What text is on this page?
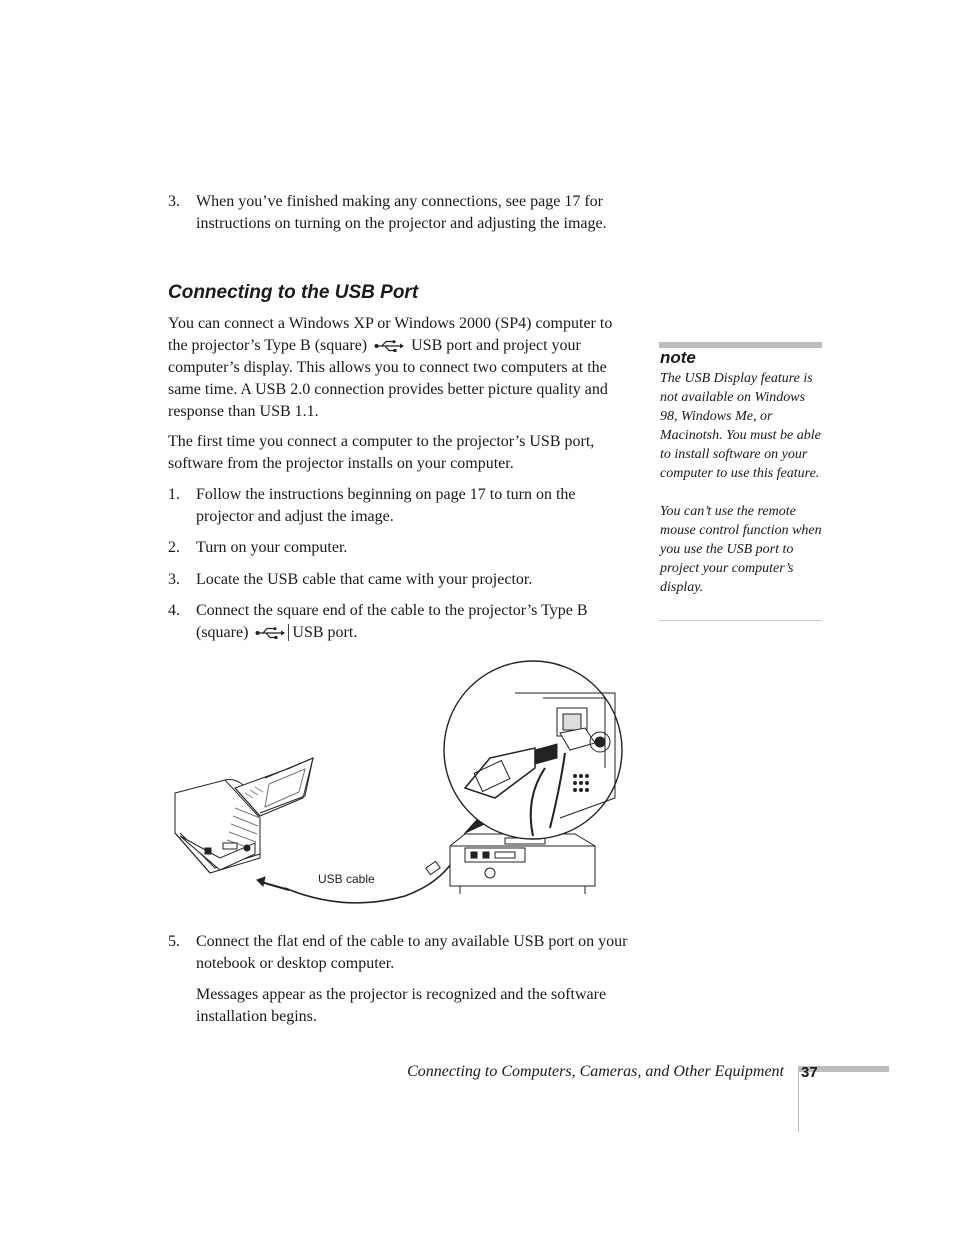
3. When you’ve finished making any connections, see page 17 for instructions on turning on the projector and adjusting the image.
Connecting to the USB Port
You can connect a Windows XP or Windows 2000 (SP4) computer to the projector’s Type B (square)	USB port and project your computer’s display. This allows you to connect two computers at the same time. A USB 2.0 connection provides better picture quality and response than USB 1.1.
The first time you connect a computer to the projector’s USB port, software from the projector installs on your computer.
1. Follow the instructions beginning on page 17 to turn on the projector and adjust the image.
2. Turn on your computer.
3. Locate the USB cable that came with your projector.
4. Connect the square end of the cable to the projector’s Type B (square)	USB port.
USB cable
5. Connect the flat end of the cable to any available USB port on your notebook or desktop computer.
Messages appear as the projector is recognized and the software installation begins.
note

The USB Display feature is not available on Windows 98, Windows Me, or Macinotsh. You must be able to install software on your computer to use this feature.

You can’t use the remote mouse control function when you use the USB port to project your computer’s display.

Connecting to Computers, Cameras, and Other Equipment 37
